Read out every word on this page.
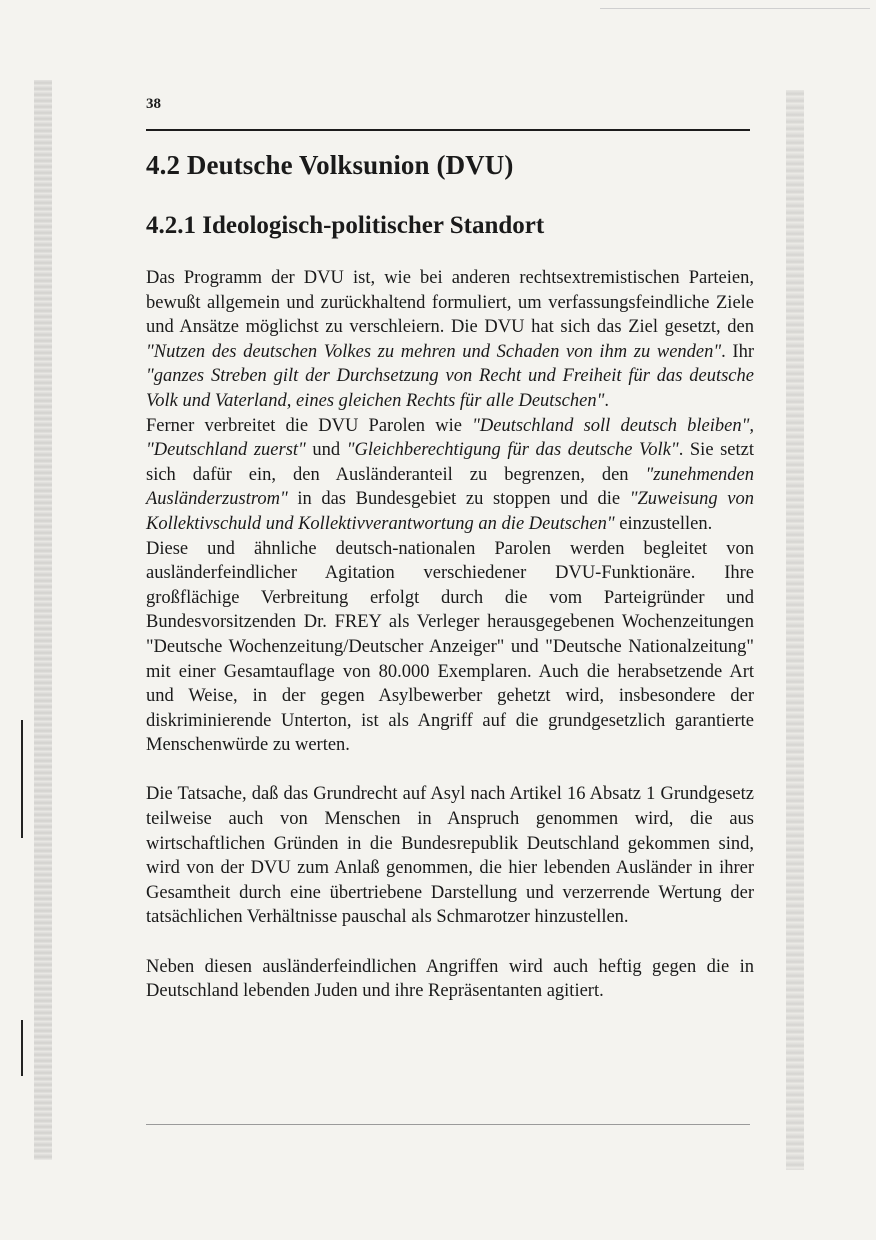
38
4.2 Deutsche Volksunion (DVU)
4.2.1 Ideologisch-politischer Standort

Das Programm der DVU ist, wie bei anderen rechtsextremistischen Parteien, bewußt allgemein und zurückhaltend formuliert, um verfassungsfeindliche Ziele und Ansätze möglichst zu verschleiern. Die DVU hat sich das Ziel gesetzt, den "Nutzen des deutschen Volkes zu mehren und Schaden von ihm zu wenden". Ihr "ganzes Streben gilt der Durchsetzung von Recht und Freiheit für das deutsche Volk und Vaterland, eines gleichen Rechts für alle Deutschen".

Ferner verbreitet die DVU Parolen wie "Deutschland soll deutsch bleiben", "Deutschland zuerst" und "Gleichberechtigung für das deutsche Volk". Sie setzt sich dafür ein, den Ausländeranteil zu begrenzen, den "zunehmenden Ausländerzustrom" in das Bundesgebiet zu stoppen und die "Zuweisung von Kollektivschuld und Kollektivverantwortung an die Deutschen" einzustellen.

Diese und ähnliche deutsch-nationalen Parolen werden begleitet von ausländerfeindlicher Agitation verschiedener DVU-Funktionäre. Ihre großflächige Verbreitung erfolgt durch die vom Parteigründer und Bundesvorsitzenden Dr. FREY als Verleger herausgegebenen Wochenzeitungen "Deutsche Wochenzeitung/Deutscher Anzeiger" und "Deutsche Nationalzeitung" mit einer Gesamtauflage von 80.000 Exemplaren. Auch die herabsetzende Art und Weise, in der gegen Asylbewerber gehetzt wird, insbesondere der diskriminierende Unterton, ist als Angriff auf die grundgesetzlich garantierte Menschenwürde zu werten.

Die Tatsache, daß das Grundrecht auf Asyl nach Artikel 16 Absatz 1 Grundgesetz teilweise auch von Menschen in Anspruch genommen wird, die aus wirtschaftlichen Gründen in die Bundesrepublik Deutschland gekommen sind, wird von der DVU zum Anlaß genommen, die hier lebenden Ausländer in ihrer Gesamtheit durch eine übertriebene Darstellung und verzerrende Wertung der tatsächlichen Verhältnisse pauschal als Schmarotzer hinzustellen.

Neben diesen ausländerfeindlichen Angriffen wird auch heftig gegen die in Deutschland lebenden Juden und ihre Repräsentanten agitiert.
